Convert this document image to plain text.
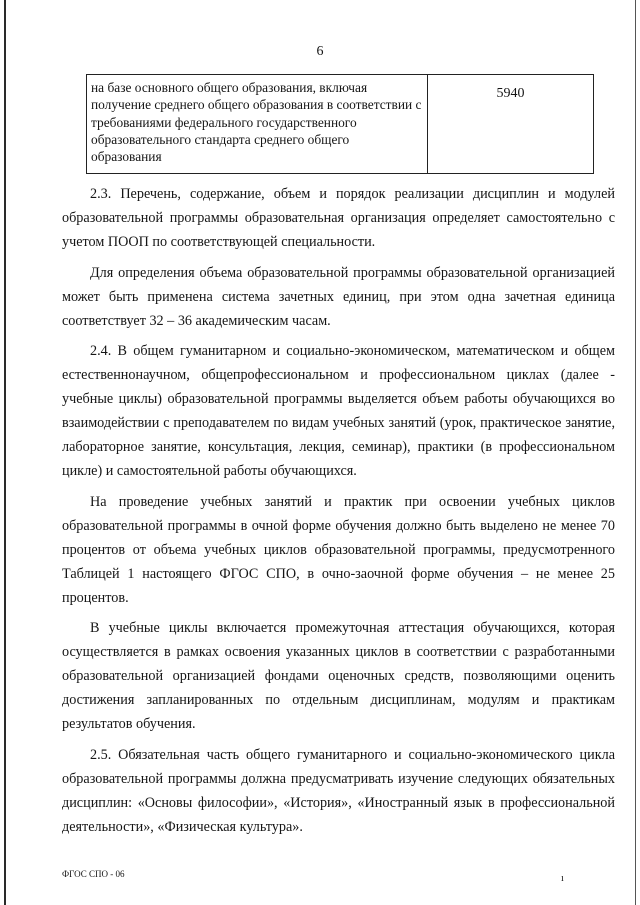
6
на базе основного общего образования, включая получение среднего общего образования в соответствии с требованиями федерального государственного образовательного стандарта среднего общего образования
5940

2.3. Перечень, содержание, объем и порядок реализации дисциплин и модулей образовательной программы образовательная организация определяет самостоятельно с учетом ПООП по соответствующей специальности.

Для определения объема образовательной программы образовательной организацией может быть применена система зачетных единиц, при этом одна зачетная единица соответствует 32 – 36 академическим часам.

2.4. В общем гуманитарном и социально-экономическом, математическом и общем естественнонаучном, общепрофессиональном и профессиональном циклах (далее - учебные циклы) образовательной программы выделяется объем работы обучающихся во взаимодействии с преподавателем по видам учебных занятий (урок, практическое занятие, лабораторное занятие, консультация, лекция, семинар), практики (в профессиональном цикле) и самостоятельной работы обучающихся.

На проведение учебных занятий и практик при освоении учебных циклов образовательной программы в очной форме обучения должно быть выделено не менее 70 процентов от объема учебных циклов образовательной программы, предусмотренного Таблицей 1 настоящего ФГОС СПО, в очно-заочной форме обучения – не менее 25 процентов.

В учебные циклы включается промежуточная аттестация обучающихся, которая осуществляется в рамках освоения указанных циклов в соответствии с разработанными образовательной организацией фондами оценочных средств, позволяющими оценить достижения запланированных по отдельным дисциплинам, модулям и практикам результатов обучения.

2.5. Обязательная часть общего гуманитарного и социально-экономического цикла образовательной программы должна предусматривать изучение следующих обязательных дисциплин: «Основы философии», «История», «Иностранный язык в профессиональной деятельности», «Физическая культура».

ФГОС СПО - 06	ı
